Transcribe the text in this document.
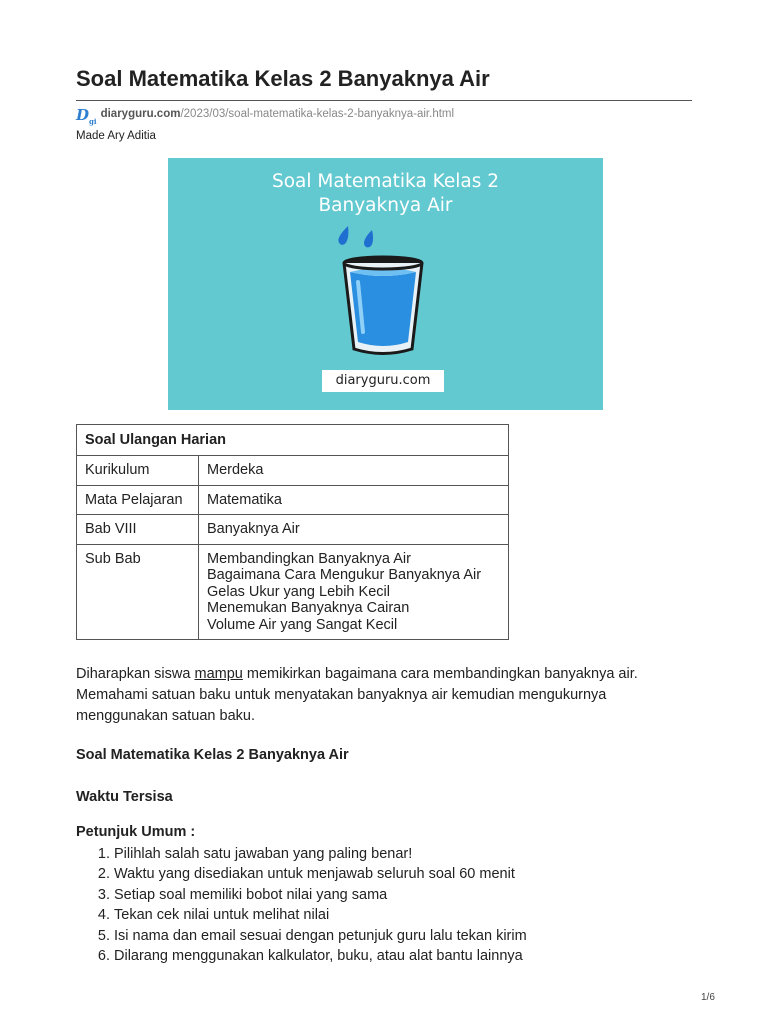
Soal Matematika Kelas 2 Banyaknya Air
$D_{gi}$
diaryguru.com /2023/03/soal-matematika-kelas-2-banyaknya-air.html
Made Ary Aditia
Soal Matematika Kelas 2
Banyaknya Air
diaryguru.com
Soal Ulangan Harian	
Kurikulum	Merdeka
Mata Pelajaran	Matematika
Bab VIII	Banyaknya Air
Sub Bab	Membandingkan Banyaknya Air
Bagaimana Cara Mengukur Banyaknya Air
Gelas Ukur yang Lebih Kecil
Menemukan Banyaknya Cairan
Volume Air yang Sangat Kecil

Diharapkan siswa mampu memikirkan bagaimana cara membandingkan banyaknya air. Memahami satuan baku untuk menyatakan banyaknya air kemudian mengukurnya menggunakan satuan baku.

Soal Matematika Kelas 2 Banyaknya Air

Waktu Tersisa

Petunjuk Umum :

1. Pilihlah salah satu jawaban yang paling benar!
2. Waktu yang disediakan untuk menjawab seluruh soal 60 menit
3. Setiap soal memiliki bobot nilai yang sama
4. Tekan cek nilai untuk melihat nilai
5. Isi nama dan email sesuai dengan petunjuk guru lalu tekan kirim
6. Dilarang menggunakan kalkulator, buku, atau alat bantu lainnya
1/6
